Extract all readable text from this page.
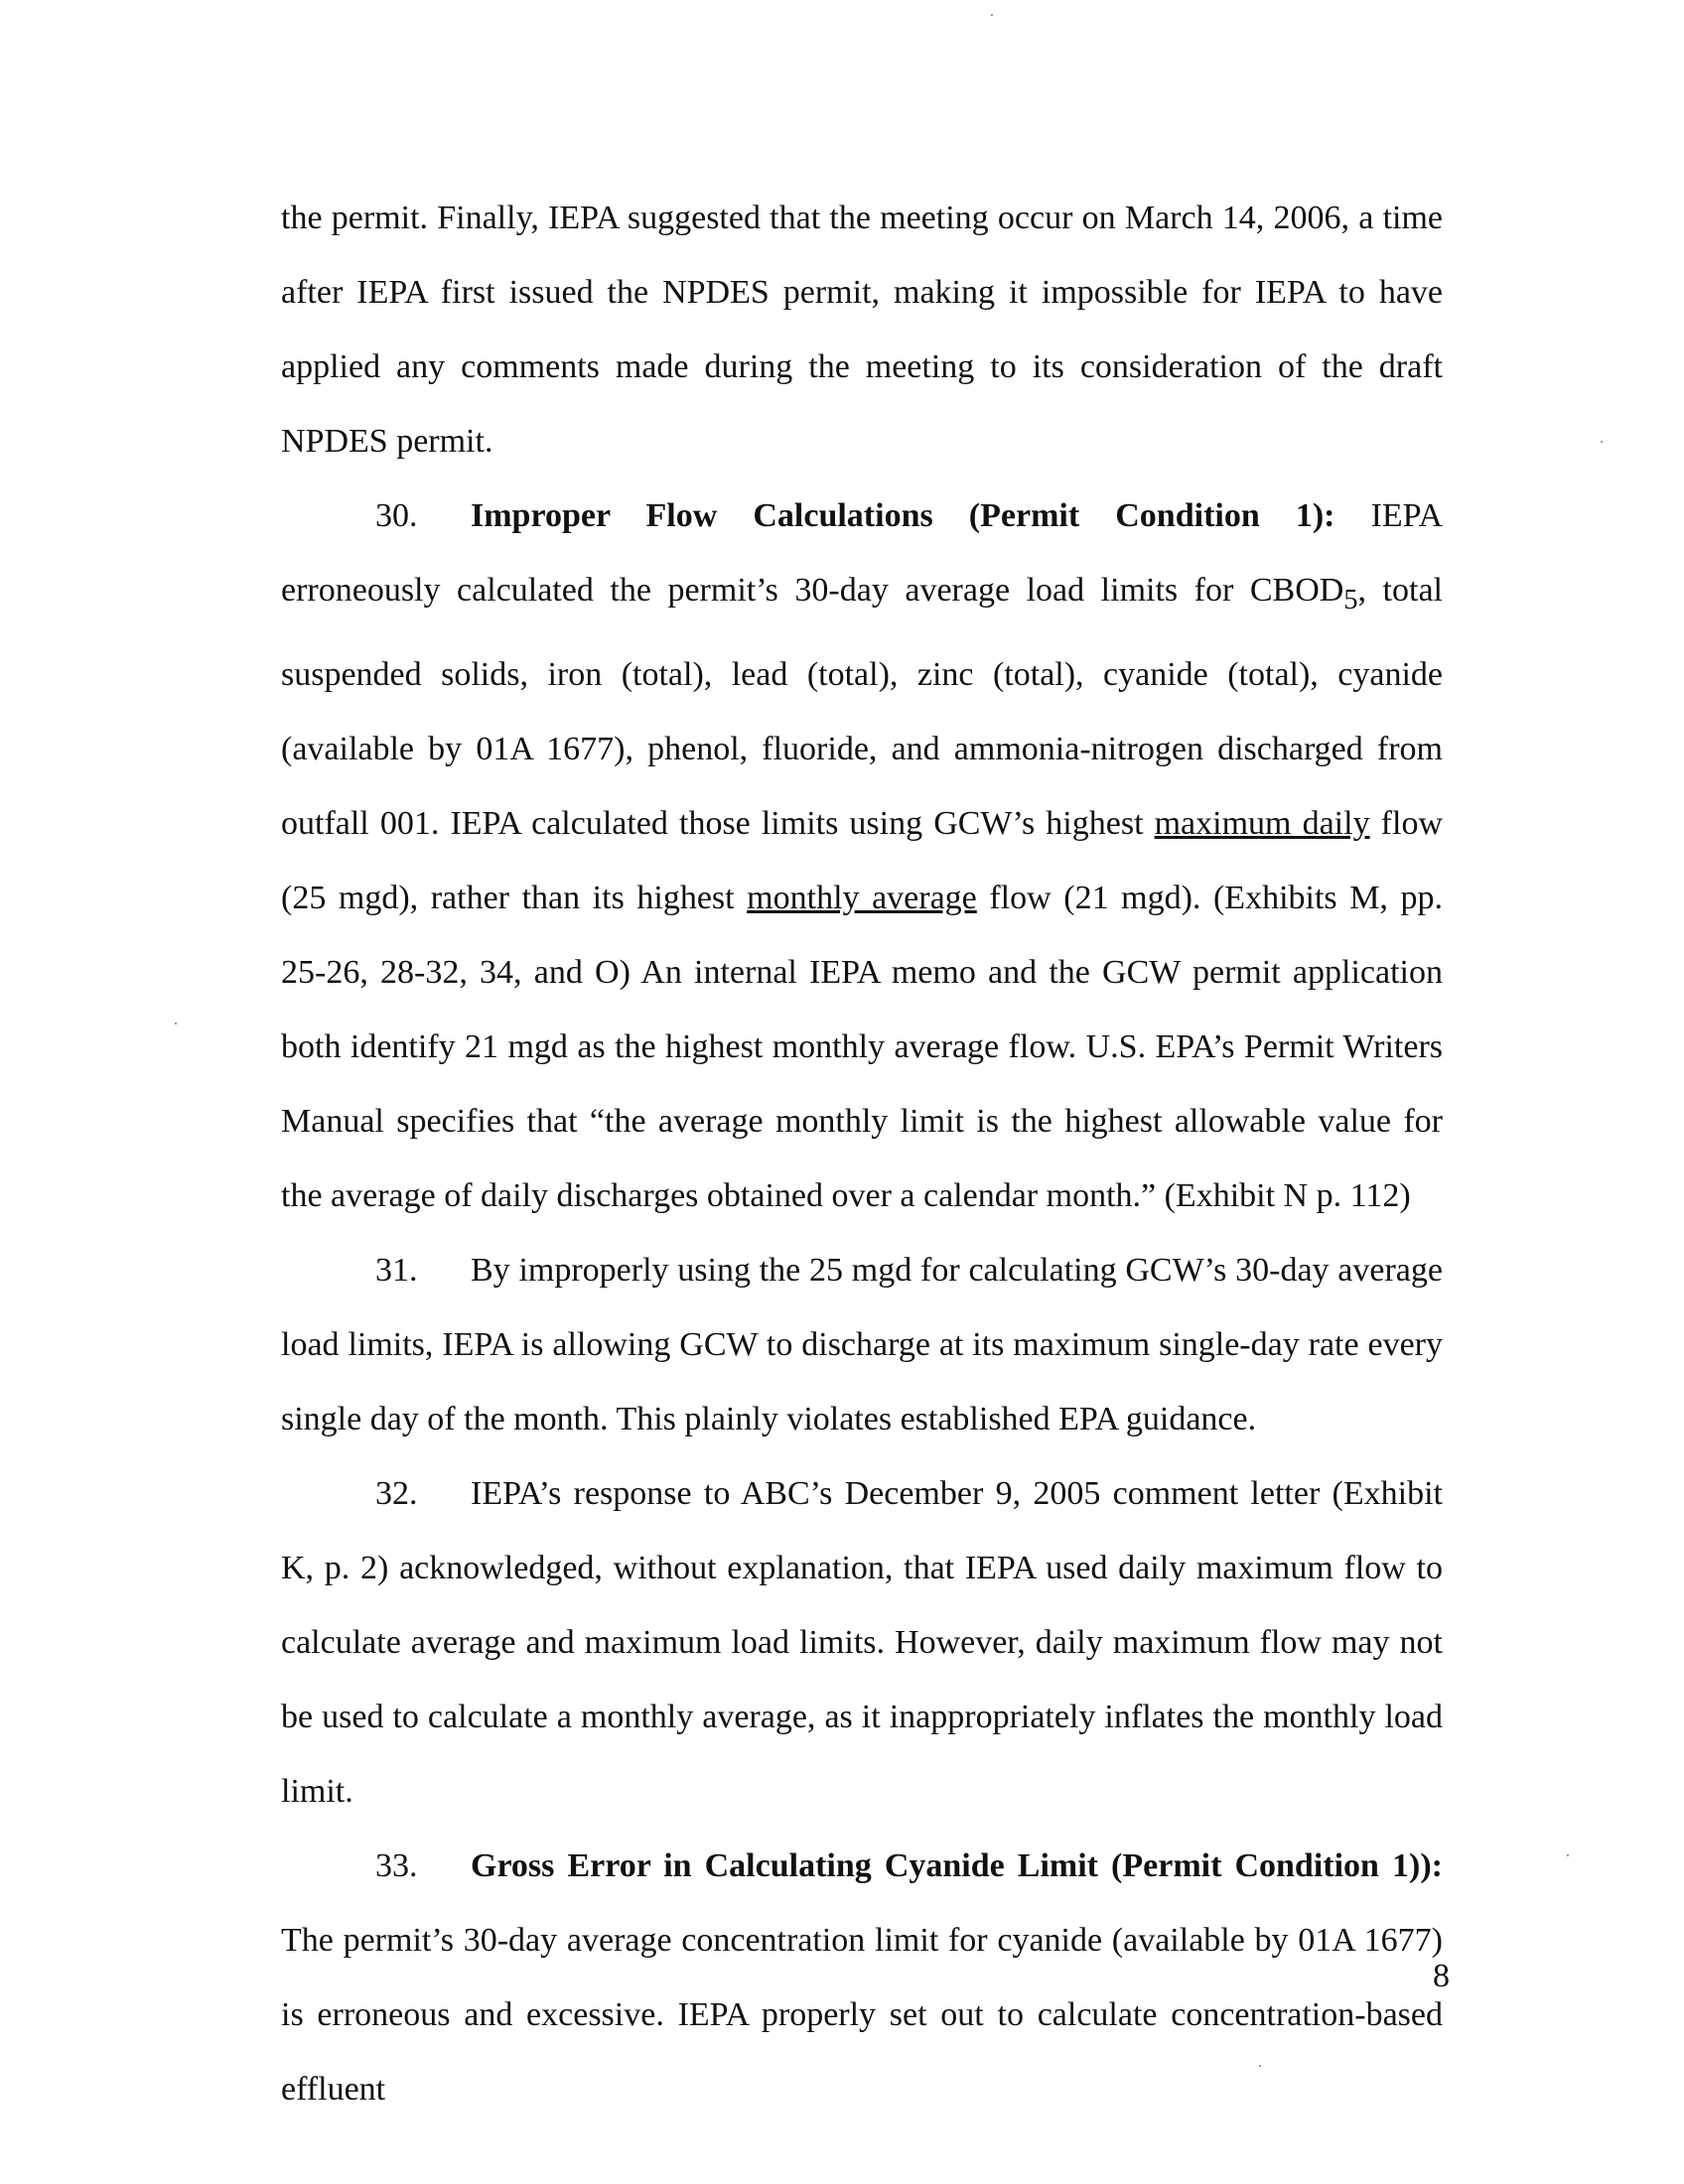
the permit. Finally, IEPA suggested that the meeting occur on March 14, 2006, a time after IEPA first issued the NPDES permit, making it impossible for IEPA to have applied any comments made during the meeting to its consideration of the draft NPDES permit.

30. Improper Flow Calculations (Permit Condition 1): IEPA erroneously calculated the permit’s 30-day average load limits for $CBOD_5$, total suspended solids, iron (total), lead (total), zinc (total), cyanide (total), cyanide (available by 01A 1677), phenol, fluoride, and ammonia-nitrogen discharged from outfall 001. IEPA calculated those limits using GCW’s highest maximum daily flow (25 mgd), rather than its highest monthly average flow (21 mgd). (Exhibits M, pp. 25-26, 28-32, 34, and O) An internal IEPA memo and the GCW permit application both identify 21 mgd as the highest monthly average flow. U.S. EPA’s Permit Writers Manual specifies that “the average monthly limit is the highest allowable value for the average of daily discharges obtained over a calendar month.” (Exhibit N p. 112)

31. By improperly using the 25 mgd for calculating GCW’s 30-day average load limits, IEPA is allowing GCW to discharge at its maximum single-day rate every single day of the month. This plainly violates established EPA guidance.

32. IEPA’s response to ABC’s December 9, 2005 comment letter (Exhibit K, p. 2) acknowledged, without explanation, that IEPA used daily maximum flow to calculate average and maximum load limits. However, daily maximum flow may not be used to calculate a monthly average, as it inappropriately inflates the monthly load limit.

33. Gross Error in Calculating Cyanide Limit (Permit Condition 1)): The permit’s 30-day average concentration limit for cyanide (available by 01A 1677) is erroneous and excessive. IEPA properly set out to calculate concentration-based effluent

8
